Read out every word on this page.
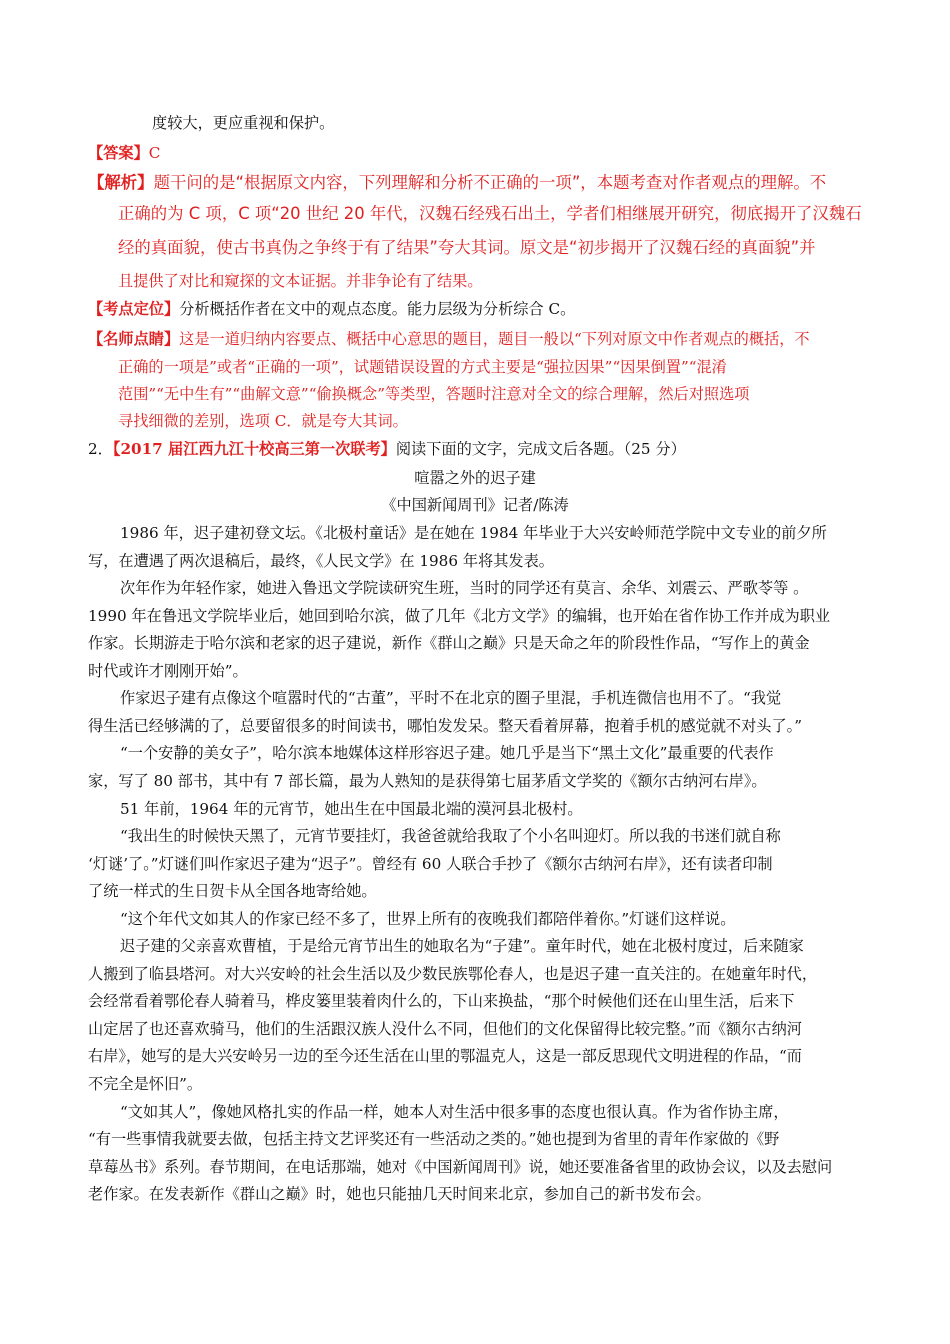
度较大，更应重视和保护。
【答案】C
【解析】题干问的是“根据原文内容，下列理解和分析不正确的一项”，本题考查对作者观点的理解。不
正确的为 C 项，C 项“20 世纪 20 年代，汉魏石经残石出土，学者们相继展开研究，彻底揭开了汉魏石
经的真面貌，使古书真伪之争终于有了结果”夸大其词。原文是“初步揭开了汉魏石经的真面貌”并
且提供了对比和窥探的文本证据。并非争论有了结果。
【考点定位】分析概括作者在文中的观点态度。能力层级为分析综合 C。
【名师点睛】这是一道归纳内容要点、概括中心意思的题目，题目一般以“下列对原文中作者观点的概括，不
正确的一项是”或者“正确的一项”，试题错误设置的方式主要是“强拉因果”“因果倒置”“混淆
范围”“无中生有”“曲解文意”“偷换概念”等类型，答题时注意对全文的综合理解，然后对照选项
寻找细微的差别，选项 C．就是夸大其词。
2．【2017 届江西九江十校高三第一次联考】阅读下面的文字，完成文后各题。（25 分）
喧嚣之外的迟子建
《中国新闻周刊》记者/陈涛
1986 年，迟子建初登文坛。《北极村童话》是在她在 1984 年毕业于大兴安岭师范学院中文专业的前夕所
写，在遭遇了两次退稿后，最终，《人民文学》在 1986 年将其发表。
次年作为年轻作家，她进入鲁迅文学院读研究生班，当时的同学还有莫言、余华、刘震云、严歌苓等 。
1990 年在鲁迅文学院毕业后，她回到哈尔滨，做了几年《北方文学》的编辑，也开始在省作协工作并成为职业
作家。长期游走于哈尔滨和老家的迟子建说，新作《群山之巅》只是天命之年的阶段性作品，“写作上的黄金
时代或许才刚刚开始”。
作家迟子建有点像这个喧嚣时代的“古董”，平时不在北京的圈子里混，手机连微信也用不了。“我觉
得生活已经够满的了，总要留很多的时间读书，哪怕发发呆。整天看着屏幕，抱着手机的感觉就不对头了。”
“一个安静的美女子”，哈尔滨本地媒体这样形容迟子建。她几乎是当下“黑土文化”最重要的代表作
家，写了 80 部书，其中有 7 部长篇，最为人熟知的是获得第七届茅盾文学奖的《额尔古纳河右岸》。
51 年前，1964 年的元宵节，她出生在中国最北端的漠河县北极村。
“我出生的时候快天黑了，元宵节要挂灯，我爸爸就给我取了个小名叫迎灯。所以我的书迷们就自称
‘灯谜’了。”灯谜们叫作家迟子建为“迟子”。曾经有 60 人联合手抄了《额尔古纳河右岸》，还有读者印制
了统一样式的生日贺卡从全国各地寄给她。
“这个年代文如其人的作家已经不多了，世界上所有的夜晚我们都陪伴着你。”灯谜们这样说。
迟子建的父亲喜欢曹植，于是给元宵节出生的她取名为“子建”。童年时代，她在北极村度过，后来随家
人搬到了临县塔河。对大兴安岭的社会生活以及少数民族鄂伦春人，也是迟子建一直关注的。在她童年时代，
会经常看着鄂伦春人骑着马，桦皮篓里装着肉什么的，下山来换盐，“那个时候他们还在山里生活，后来下
山定居了也还喜欢骑马，他们的生活跟汉族人没什么不同，但他们的文化保留得比较完整。”而《额尔古纳河
右岸》，她写的是大兴安岭另一边的至今还生活在山里的鄂温克人，这是一部反思现代文明进程的作品，“而
不完全是怀旧”。
“文如其人”，像她风格扎实的作品一样，她本人对生活中很多事的态度也很认真。作为省作协主席，
“有一些事情我就要去做，包括主持文艺评奖还有一些活动之类的。”她也提到为省里的青年作家做的《野
草莓丛书》系列。春节期间，在电话那端，她对《中国新闻周刊》说，她还要准备省里的政协会议，以及去慰问
老作家。在发表新作《群山之巅》时，她也只能抽几天时间来北京，参加自己的新书发布会。
